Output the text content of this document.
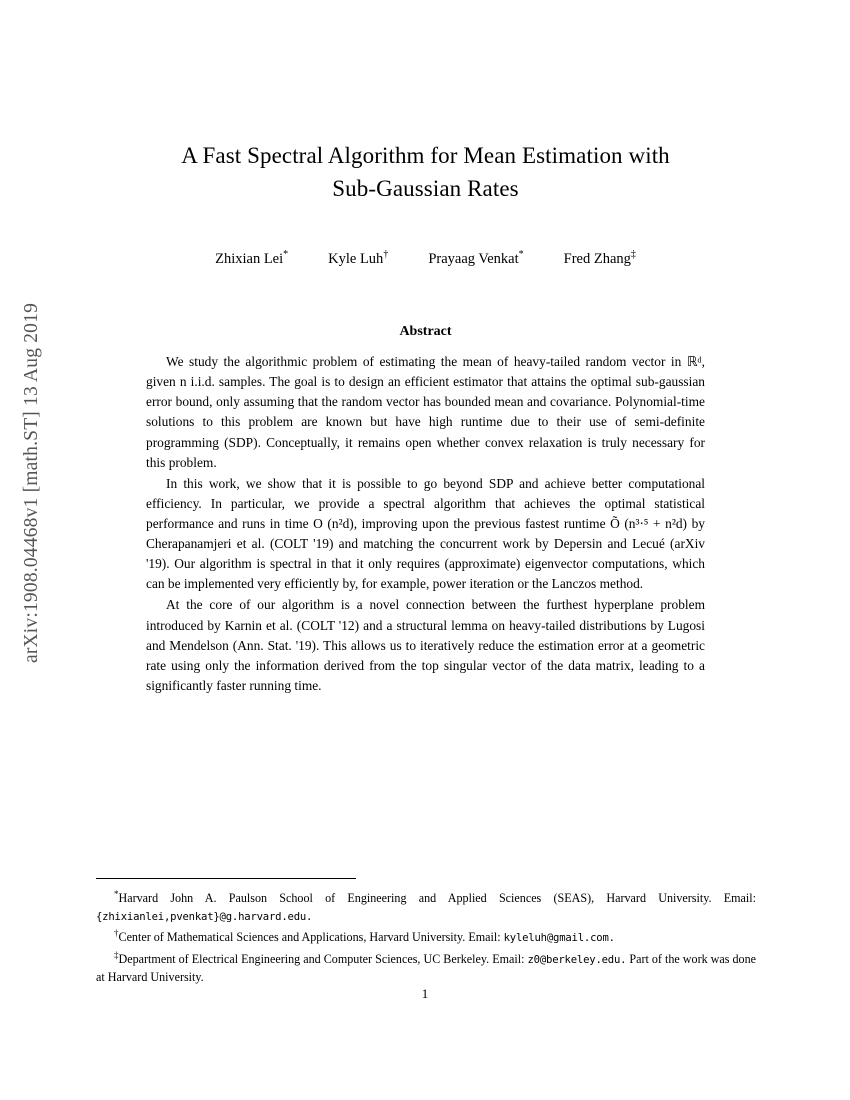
arXiv:1908.04468v1 [math.ST] 13 Aug 2019
A Fast Spectral Algorithm for Mean Estimation with
Sub-Gaussian Rates
Zhixian Lei*	Kyle Luh†	Prayaag Venkat*	Fred Zhang‡
Abstract

We study the algorithmic problem of estimating the mean of heavy-tailed random vector in ℝᵈ, given n i.i.d. samples. The goal is to design an efficient estimator that attains the optimal sub-gaussian error bound, only assuming that the random vector has bounded mean and covariance. Polynomial-time solutions to this problem are known but have high runtime due to their use of semi-definite programming (SDP). Conceptually, it remains open whether convex relaxation is truly necessary for this problem.

In this work, we show that it is possible to go beyond SDP and achieve better computational efficiency. In particular, we provide a spectral algorithm that achieves the optimal statistical performance and runs in time O (n²d), improving upon the previous fastest runtime Õ (n³⋅⁵ + n²d) by Cherapanamjeri et al. (COLT '19) and matching the concurrent work by Depersin and Lecué (arXiv '19). Our algorithm is spectral in that it only requires (approximate) eigenvector computations, which can be implemented very efficiently by, for example, power iteration or the Lanczos method.

At the core of our algorithm is a novel connection between the furthest hyperplane problem introduced by Karnin et al. (COLT '12) and a structural lemma on heavy-tailed distributions by Lugosi and Mendelson (Ann. Stat. '19). This allows us to iteratively reduce the estimation error at a geometric rate using only the information derived from the top singular vector of the data matrix, leading to a significantly faster running time.

*Harvard John A. Paulson School of Engineering and Applied Sciences (SEAS), Harvard University. Email: {zhixianlei,pvenkat}@g.harvard.edu.

†Center of Mathematical Sciences and Applications, Harvard University. Email: kyleluh@gmail.com.

‡Department of Electrical Engineering and Computer Sciences, UC Berkeley. Email: z0@berkeley.edu. Part of the work was done at Harvard University.

1
